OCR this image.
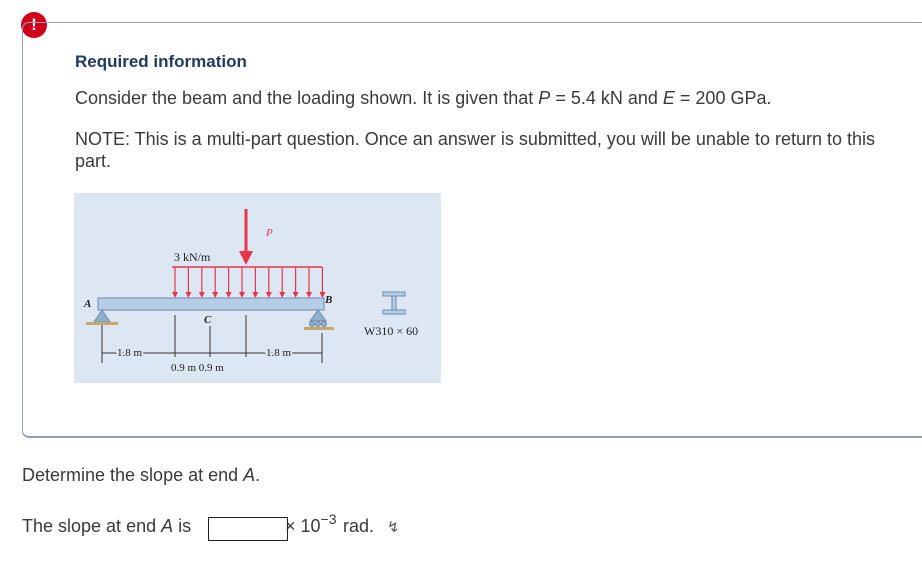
!
Required information
Consider the beam and the loading shown. It is given that P = 5.4 kN and E = 200 GPa.
NOTE: This is a multi-part question. Once an answer is submitted, you will be unable to return to this part.
P
3 kN/m
A	B
C
1.8 m	1.8 m
0.9 m 0.9 m
W310 × 60
Determine the slope at end A.
The slope at end A is	× $10^{-3}$ rad. ↯
